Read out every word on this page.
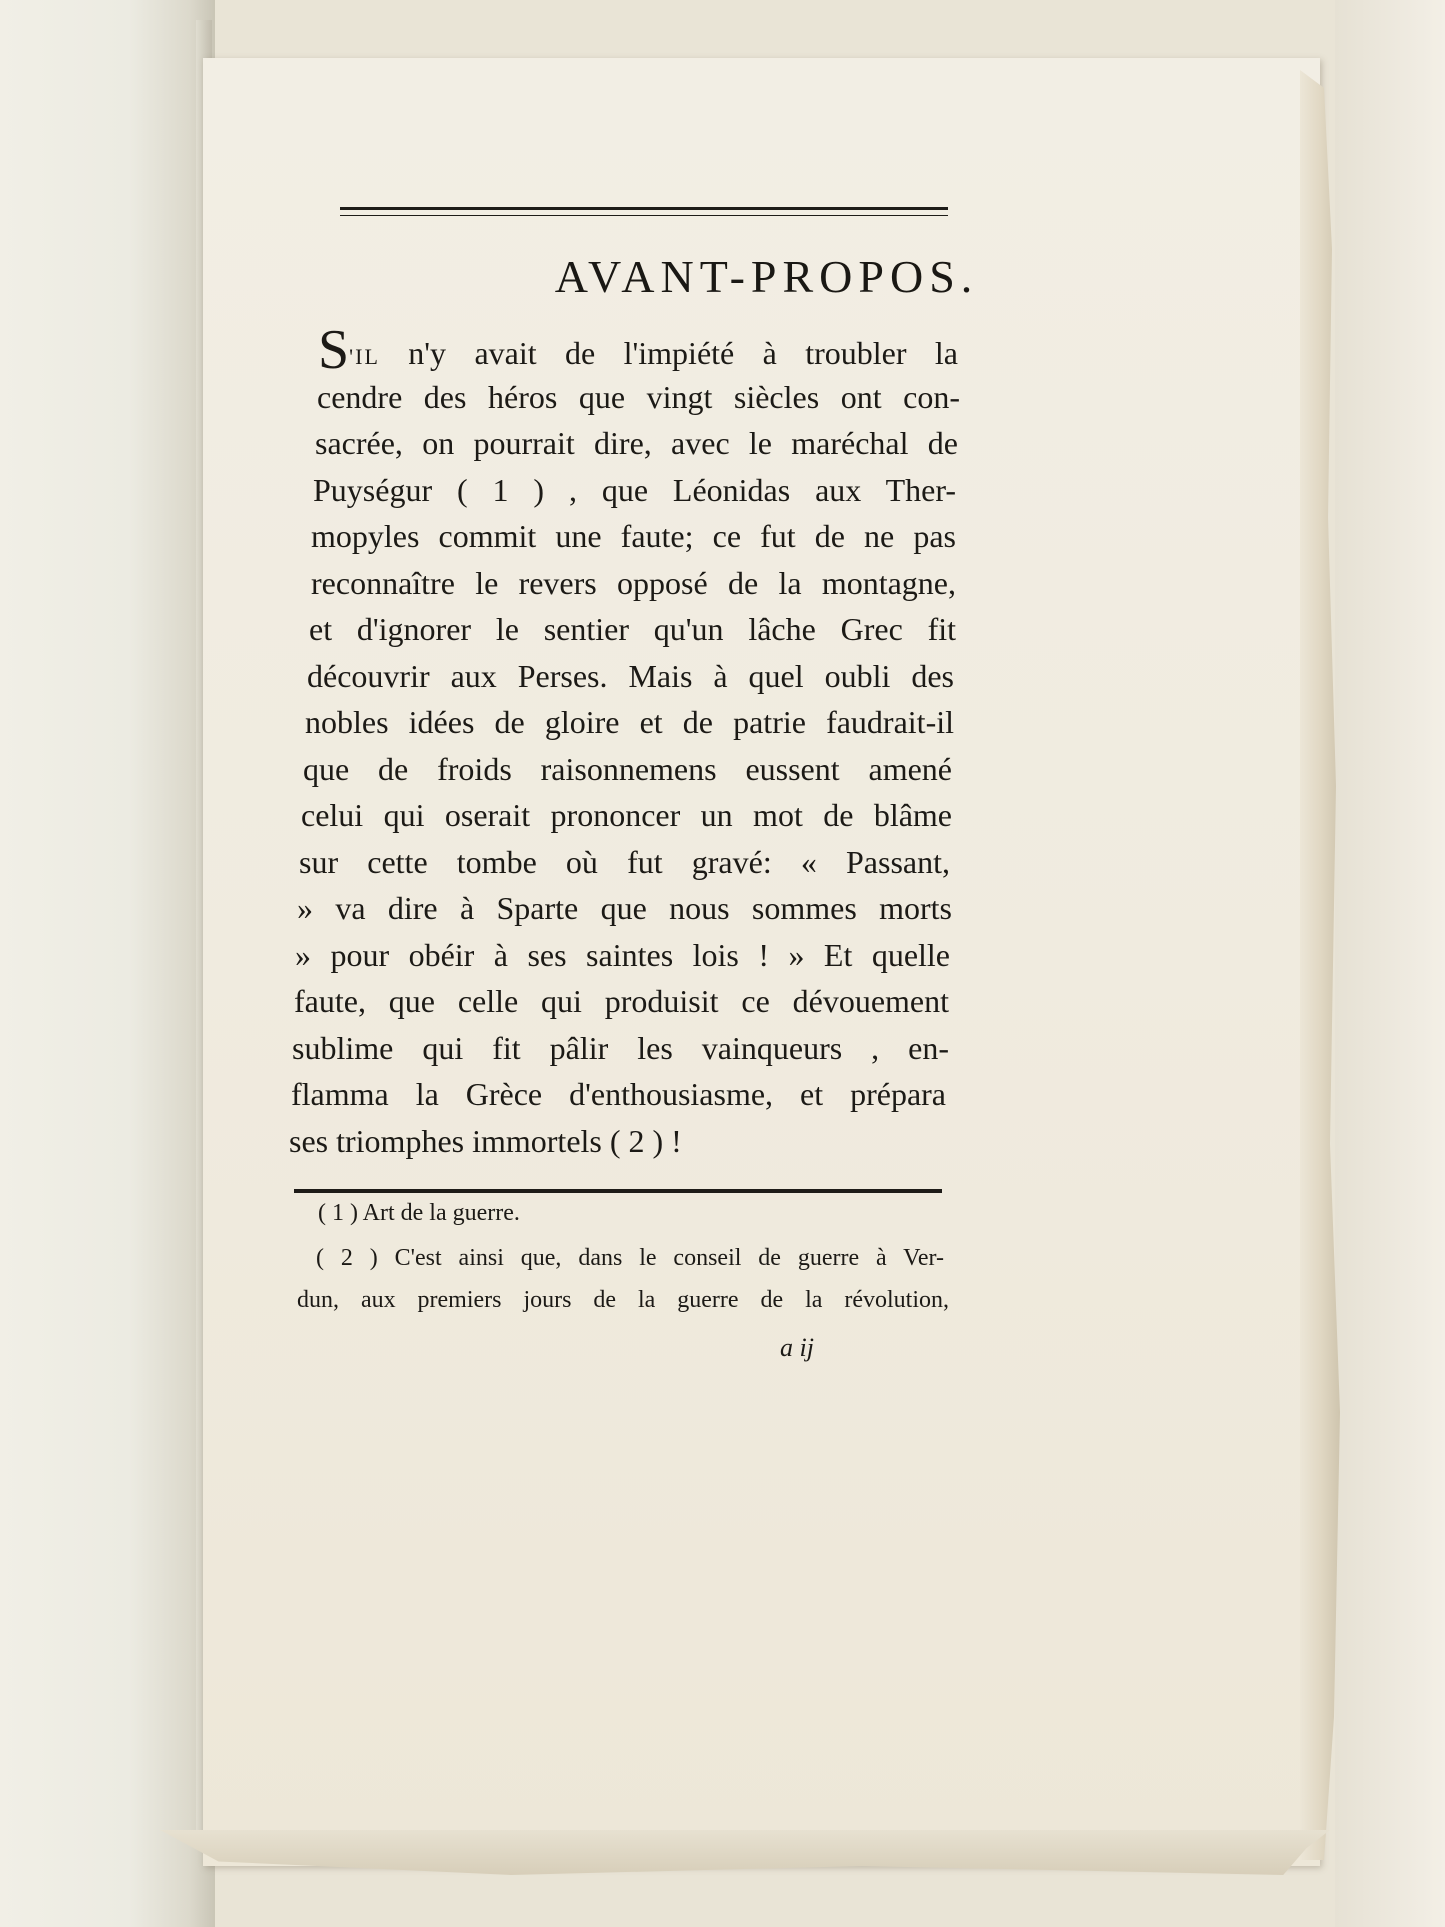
AVANT-PROPOS.
S'IL n'y avait de l'impiété à troubler la
cendre des héros que vingt siècles ont con-
sacrée, on pourrait dire, avec le maréchal de
Puységur ( 1 ) , que Léonidas aux Ther-
mopyles commit une faute; ce fut de ne pas
reconnaître le revers opposé de la montagne,
et d'ignorer le sentier qu'un lâche Grec fit
découvrir aux Perses. Mais à quel oubli des
nobles idées de gloire et de patrie faudrait-il
que de froids raisonnemens eussent amené
celui qui oserait prononcer un mot de blâme
sur cette tombe où fut gravé: « Passant,
» va dire à Sparte que nous sommes morts
» pour obéir à ses saintes lois ! » Et quelle
faute, que celle qui produisit ce dévouement
sublime qui fit pâlir les vainqueurs , en-
flamma la Grèce d'enthousiasme, et prépara
ses triomphes immortels ( 2 ) !
( 1 ) Art de la guerre.
( 2 ) C'est ainsi que, dans le conseil de guerre à Ver-
dun, aux premiers jours de la guerre de la révolution,
a ij
